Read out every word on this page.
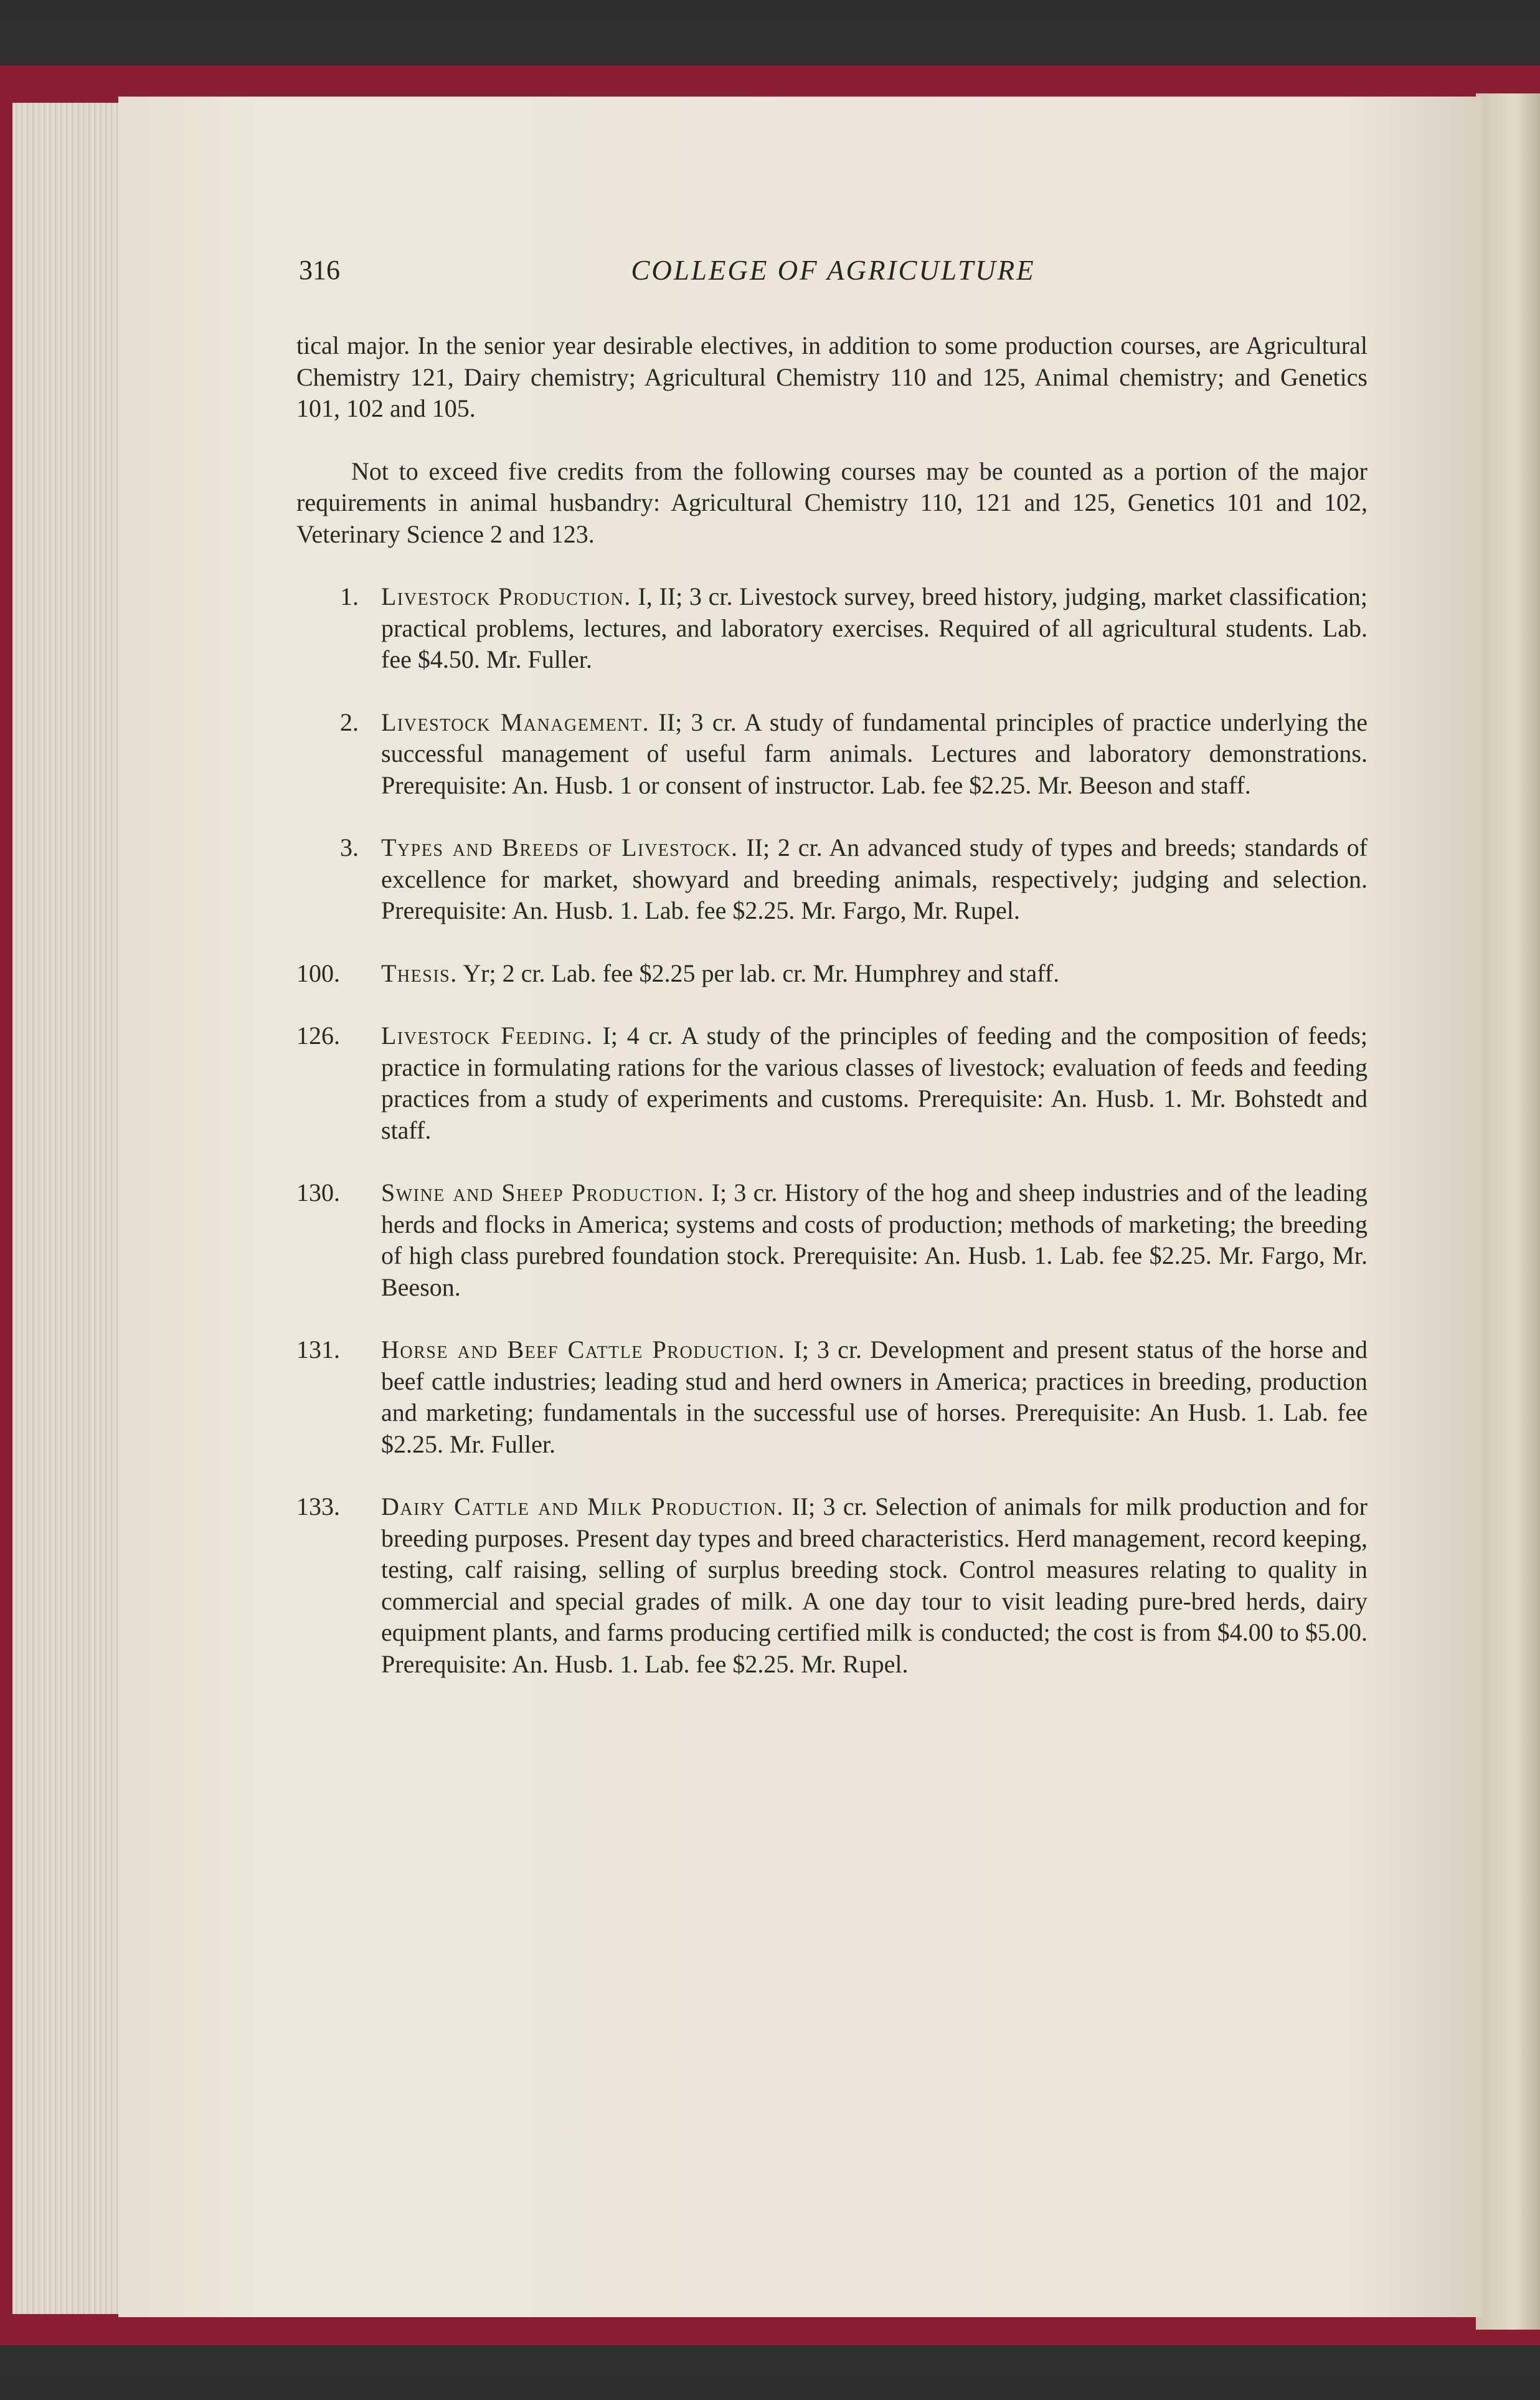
316	COLLEGE OF AGRICULTURE

tical major. In the senior year desirable electives, in addition to some production courses, are Agricultural Chemistry 121, Dairy chemistry; Agricultural Chemistry 110 and 125, Animal chemistry; and Genetics 101, 102 and 105.

Not to exceed five credits from the following courses may be counted as a portion of the major requirements in animal husbandry: Agricultural Chemistry 110, 121 and 125, Genetics 101 and 102, Veterinary Science 2 and 123.

1. Livestock Production. I, II; 3 cr. Livestock survey, breed history, judging, market classification; practical problems, lectures, and laboratory exercises. Required of all agricultural students. Lab. fee $4.50. Mr. Fuller.
2. Livestock Management. II; 3 cr. A study of fundamental principles of practice underlying the successful management of useful farm animals. Lectures and laboratory demonstrations. Prerequisite: An. Husb. 1 or consent of instructor. Lab. fee $2.25. Mr. Beeson and staff.
3. Types and Breeds of Livestock. II; 2 cr. An advanced study of types and breeds; standards of excellence for market, showyard and breeding animals, respectively; judging and selection. Prerequisite: An. Husb. 1. Lab. fee $2.25. Mr. Fargo, Mr. Rupel.
100.	Thesis. Yr; 2 cr. Lab. fee $2.25 per lab. cr. Mr. Humphrey and staff.
126.	Livestock Feeding. I; 4 cr. A study of the principles of feeding and the composition of feeds; practice in formulating rations for the various classes of livestock; evaluation of feeds and feeding practices from a study of experiments and customs. Prerequisite: An. Husb. 1. Mr. Bohstedt and staff.
130.	Swine and Sheep Production. I; 3 cr. History of the hog and sheep industries and of the leading herds and flocks in America; systems and costs of production; methods of marketing; the breeding of high class purebred foundation stock. Prerequisite: An. Husb. 1. Lab. fee $2.25. Mr. Fargo, Mr. Beeson.
131.	Horse and Beef Cattle Production. I; 3 cr. Development and present status of the horse and beef cattle industries; leading stud and herd owners in America; practices in breeding, production and marketing; fundamentals in the successful use of horses. Prerequisite: An Husb. 1. Lab. fee $2.25. Mr. Fuller.
133.	Dairy Cattle and Milk Production. II; 3 cr. Selection of animals for milk production and for breeding purposes. Present day types and breed characteristics. Herd management, record keeping, testing, calf raising, selling of surplus breeding stock. Control measures relating to quality in commercial and special grades of milk. A one day tour to visit leading pure-bred herds, dairy equipment plants, and farms producing certified milk is conducted; the cost is from $4.00 to $5.00. Prerequisite: An. Husb. 1. Lab. fee $2.25. Mr. Rupel.
